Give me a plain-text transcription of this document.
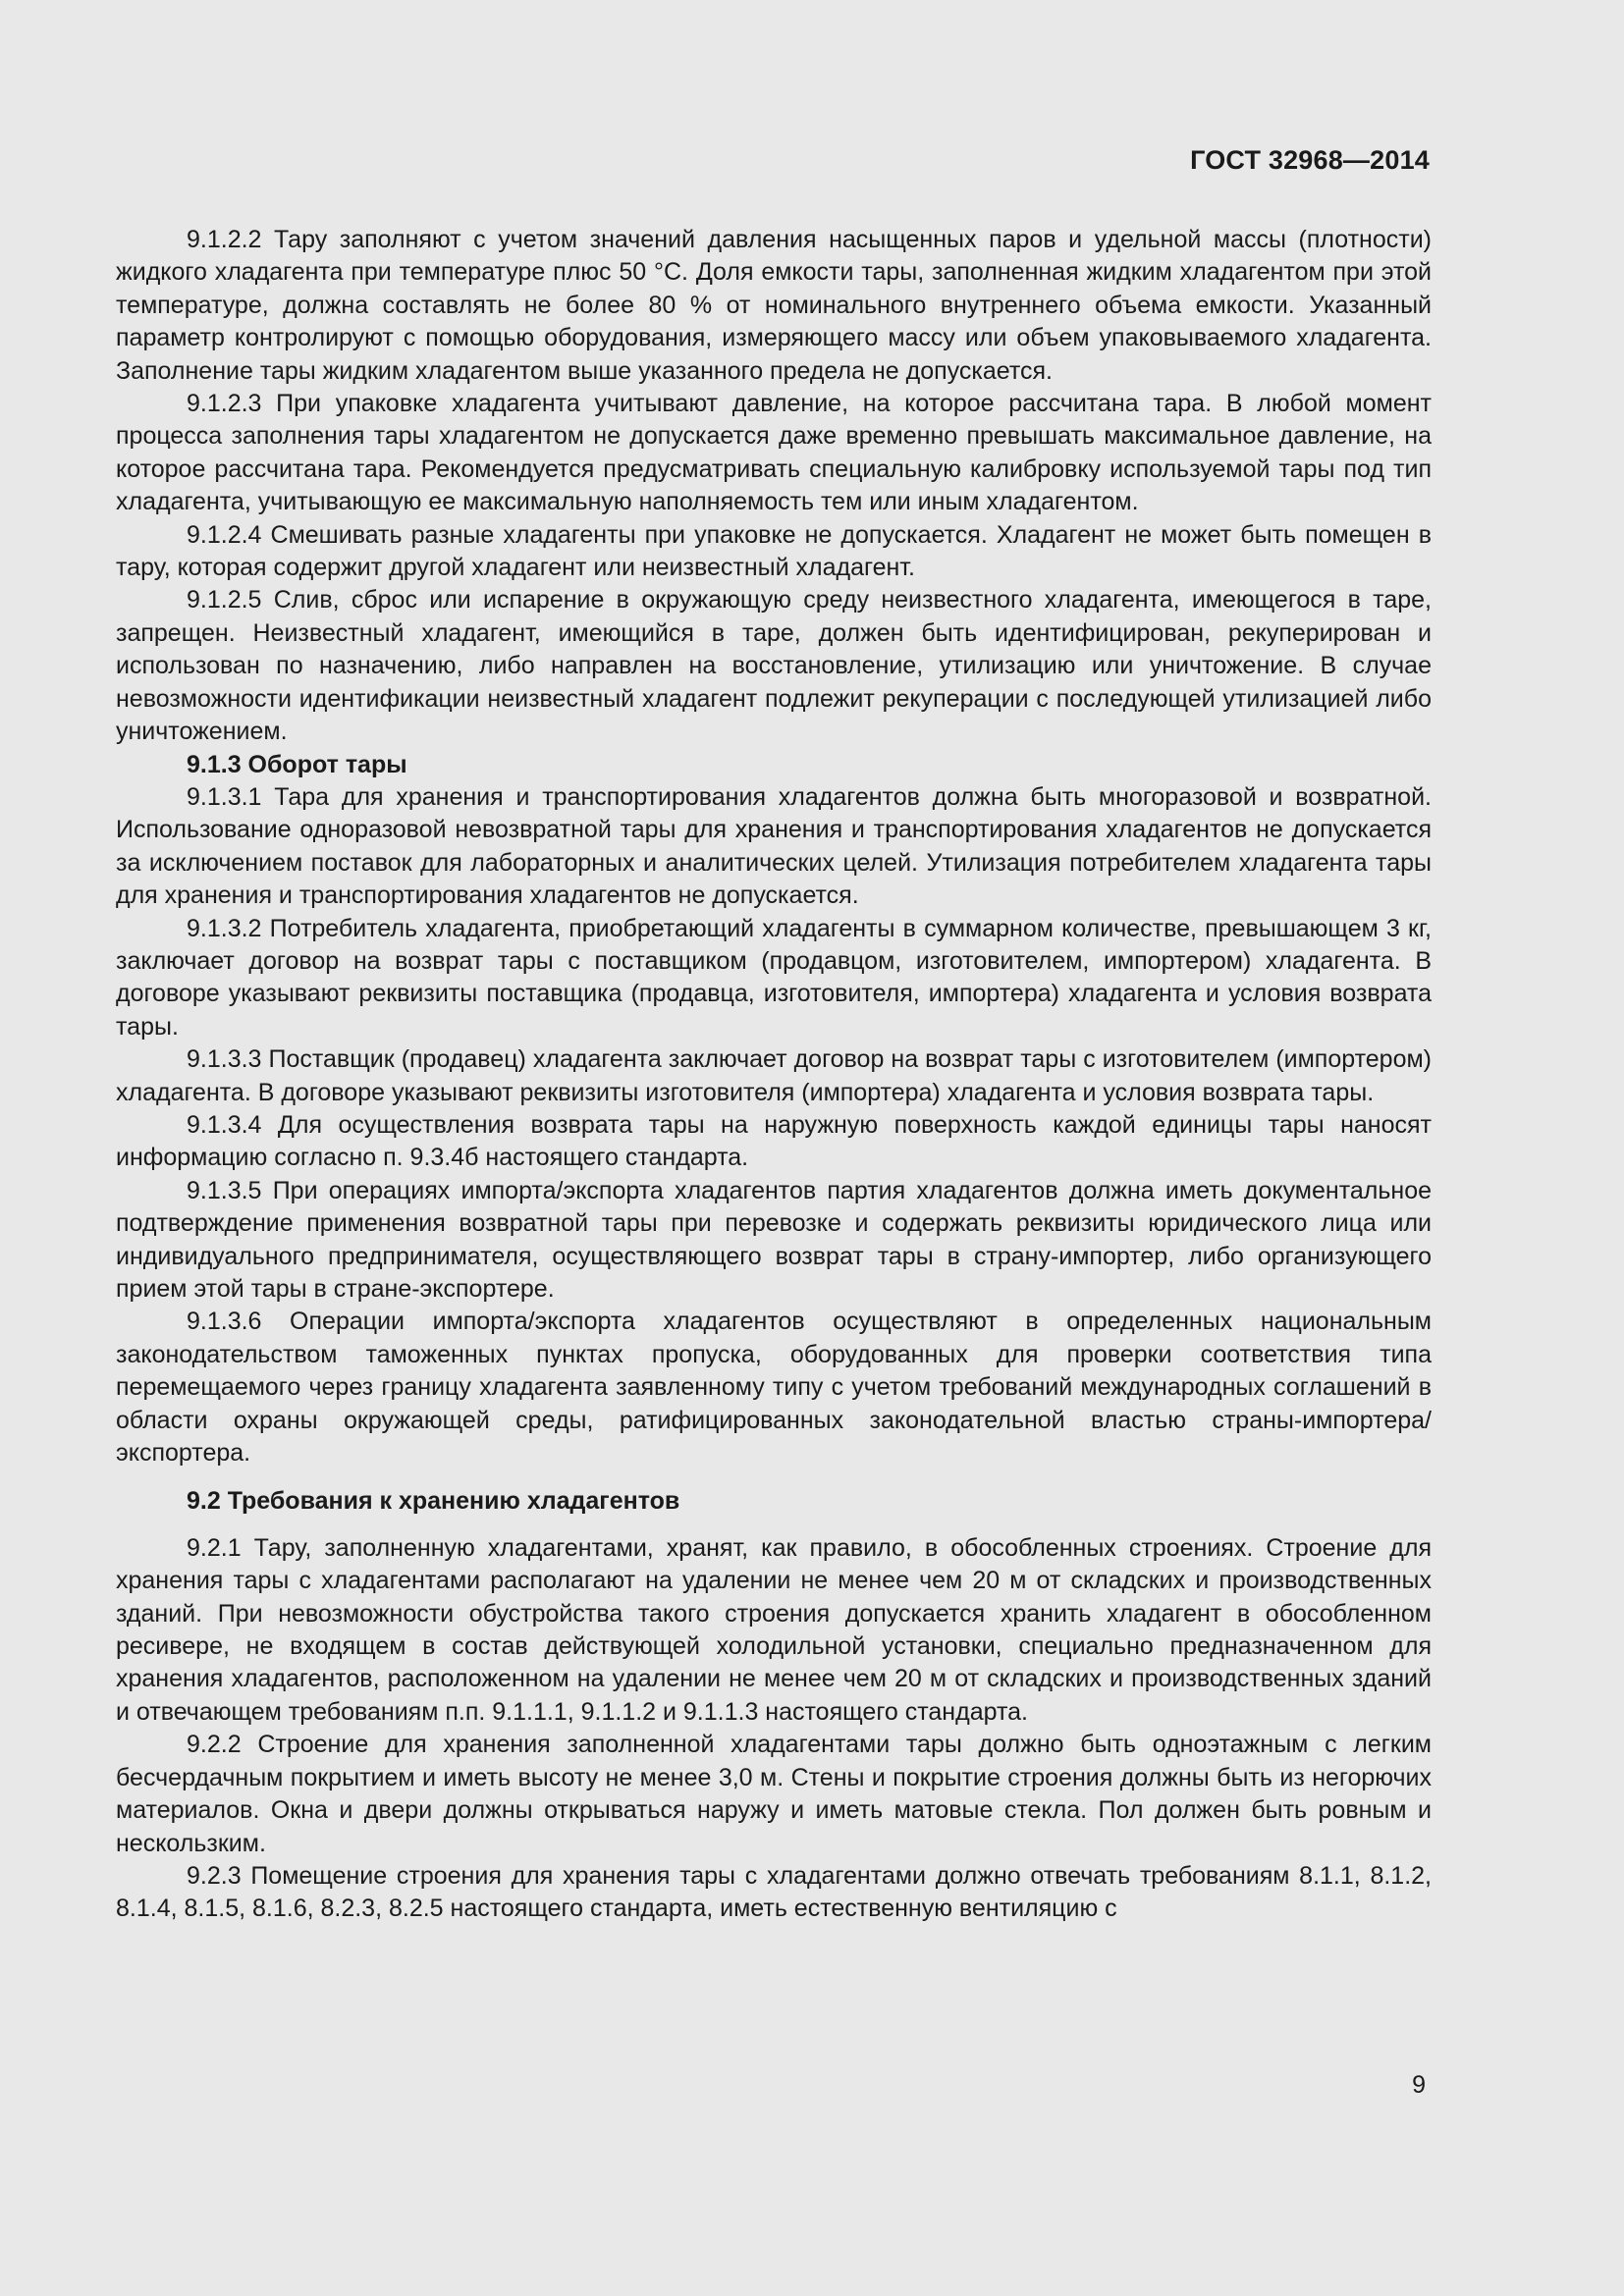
ГОСТ 32968—2014

9.1.2.2 Тару заполняют с учетом значений давления насыщенных паров и удельной массы (плотности) жидкого хладагента при температуре плюс 50 °С. Доля емкости тары, заполненная жидким хладагентом при этой температуре, должна составлять не более 80 % от номинального внутреннего объема емкости. Указанный параметр контролируют с помощью оборудования, измеряющего массу или объем упаковываемого хладагента. Заполнение тары жидким хладагентом выше указанного предела не допускается.

9.1.2.3 При упаковке хладагента учитывают давление, на которое рассчитана тара. В любой момент процесса заполнения тары хладагентом не допускается даже временно превышать максимальное давление, на которое рассчитана тара. Рекомендуется предусматривать специальную калибровку используемой тары под тип хладагента, учитывающую ее максимальную наполняемость тем или иным хладагентом.

9.1.2.4 Смешивать разные хладагенты при упаковке не допускается. Хладагент не может быть помещен в тару, которая содержит другой хладагент или неизвестный хладагент.

9.1.2.5 Слив, сброс или испарение в окружающую среду неизвестного хладагента, имеющегося в таре, запрещен. Неизвестный хладагент, имеющийся в таре, должен быть идентифицирован, рекуперирован и использован по назначению, либо направлен на восстановление, утилизацию или уничтожение. В случае невозможности идентификации неизвестный хладагент подлежит рекуперации с последующей утилизацией либо уничтожением.

9.1.3 Оборот тары

9.1.3.1 Тара для хранения и транспортирования хладагентов должна быть многоразовой и возвратной. Использование одноразовой невозвратной тары для хранения и транспортирования хладагентов не допускается за исключением поставок для лабораторных и аналитических целей. Утилизация потребителем хладагента тары для хранения и транспортирования хладагентов не допускается.

9.1.3.2 Потребитель хладагента, приобретающий хладагенты в суммарном количестве, превышающем 3 кг, заключает договор на возврат тары с поставщиком (продавцом, изготовителем, импортером) хладагента. В договоре указывают реквизиты поставщика (продавца, изготовителя, импортера) хладагента и условия возврата тары.

9.1.3.3 Поставщик (продавец) хладагента заключает договор на возврат тары с изготовителем (импортером) хладагента. В договоре указывают реквизиты изготовителя (импортера) хладагента и условия возврата тары.

9.1.3.4 Для осуществления возврата тары на наружную поверхность каждой единицы тары наносят информацию согласно п. 9.3.4б настоящего стандарта.

9.1.3.5 При операциях импорта/экспорта хладагентов партия хладагентов должна иметь документальное подтверждение применения возвратной тары при перевозке и содержать реквизиты юридического лица или индивидуального предпринимателя, осуществляющего возврат тары в страну-импортер, либо организующего прием этой тары в стране-экспортере.

9.1.3.6 Операции импорта/экспорта хладагентов осуществляют в определенных национальным законодательством таможенных пунктах пропуска, оборудованных для проверки соответствия типа перемещаемого через границу хладагента заявленному типу с учетом требований международных соглашений в области охраны окружающей среды, ратифицированных законодательной властью страны-импортера/экспортера.

9.2 Требования к хранению хладагентов

9.2.1 Тару, заполненную хладагентами, хранят, как правило, в обособленных строениях. Строение для хранения тары с хладагентами располагают на удалении не менее чем 20 м от складских и производственных зданий. При невозможности обустройства такого строения допускается хранить хладагент в обособленном ресивере, не входящем в состав действующей холодильной установки, специально предназначенном для хранения хладагентов, расположенном на удалении не менее чем 20 м от складских и производственных зданий и отвечающем требованиям п.п. 9.1.1.1, 9.1.1.2 и 9.1.1.3 настоящего стандарта.

9.2.2 Строение для хранения заполненной хладагентами тары должно быть одноэтажным с легким бесчердачным покрытием и иметь высоту не менее 3,0 м. Стены и покрытие строения должны быть из негорючих материалов. Окна и двери должны открываться наружу и иметь матовые стекла. Пол должен быть ровным и нескользким.

9.2.3 Помещение строения для хранения тары с хладагентами должно отвечать требованиям 8.1.1, 8.1.2, 8.1.4, 8.1.5, 8.1.6, 8.2.3, 8.2.5 настоящего стандарта, иметь естественную вентиляцию с

9
